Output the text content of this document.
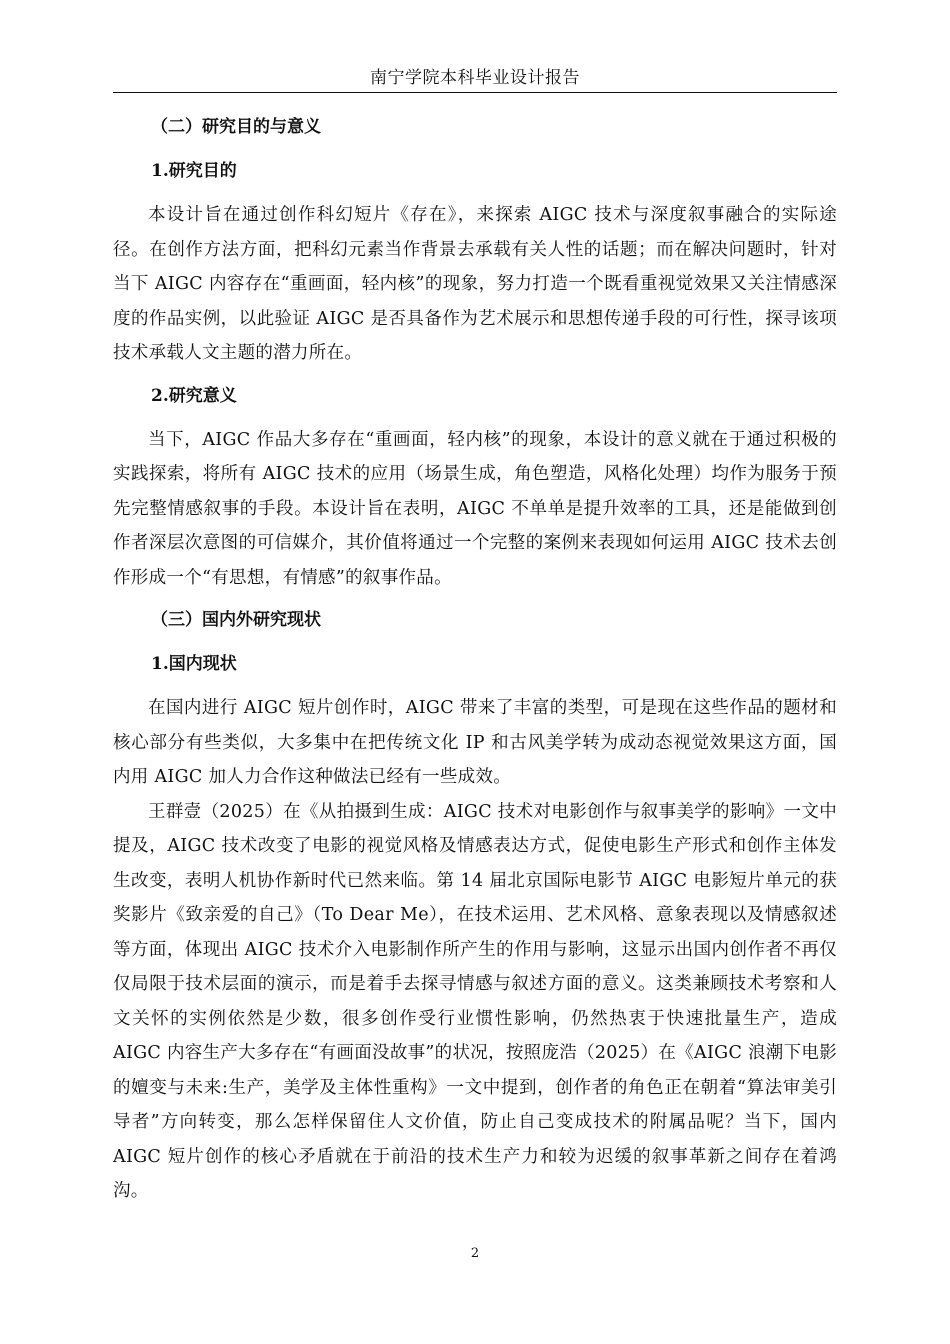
南宁学院本科毕业设计报告
（二）研究目的与意义
1.研究目的

本设计旨在通过创作科幻短片《存在》，来探索 AIGC 技术与深度叙事融合的实际途径。在创作方法方面，把科幻元素当作背景去承载有关人性的话题；而在解决问题时，针对当下 AIGC 内容存在“重画面，轻内核”的现象，努力打造一个既看重视觉效果又关注情感深度的作品实例，以此验证 AIGC 是否具备作为艺术展示和思想传递手段的可行性，探寻该项技术承载人文主题的潜力所在。

2.研究意义

当下，AIGC 作品大多存在“重画面，轻内核”的现象，本设计的意义就在于通过积极的实践探索，将所有 AIGC 技术的应用（场景生成，角色塑造，风格化处理）均作为服务于预先完整情感叙事的手段。本设计旨在表明，AIGC 不单单是提升效率的工具，还是能做到创作者深层次意图的可信媒介，其价值将通过一个完整的案例来表现如何运用 AIGC 技术去创作形成一个“有思想，有情感”的叙事作品。

（三）国内外研究现状
1.国内现状

在国内进行 AIGC 短片创作时，AIGC 带来了丰富的类型，可是现在这些作品的题材和核心部分有些类似，大多集中在把传统文化 IP 和古风美学转为成动态视觉效果这方面，国内用 AIGC 加人力合作这种做法已经有一些成效。

王群壹（2025）在《从拍摄到生成：AIGC 技术对电影创作与叙事美学的影响》一文中提及，AIGC 技术改变了电影的视觉风格及情感表达方式，促使电影生产形式和创作主体发生改变，表明人机协作新时代已然来临。第 14 届北京国际电影节 AIGC 电影短片单元的获奖影片《致亲爱的自己》（To Dear Me），在技术运用、艺术风格、意象表现以及情感叙述等方面，体现出 AIGC 技术介入电影制作所产生的作用与影响，这显示出国内创作者不再仅仅局限于技术层面的演示，而是着手去探寻情感与叙述方面的意义。这类兼顾技术考察和人文关怀的实例依然是少数，很多创作受行业惯性影响，仍然热衷于快速批量生产，造成 AIGC 内容生产大多存在“有画面没故事”的状况，按照庞浩（2025）在《AIGC 浪潮下电影的嬗变与未来:生产，美学及主体性重构》一文中提到，创作者的角色正在朝着“算法审美引导者”方向转变，那么怎样保留住人文价值，防止自己变成技术的附属品呢？当下，国内 AIGC 短片创作的核心矛盾就在于前沿的技术生产力和较为迟缓的叙事革新之间存在着鸿沟。

2
